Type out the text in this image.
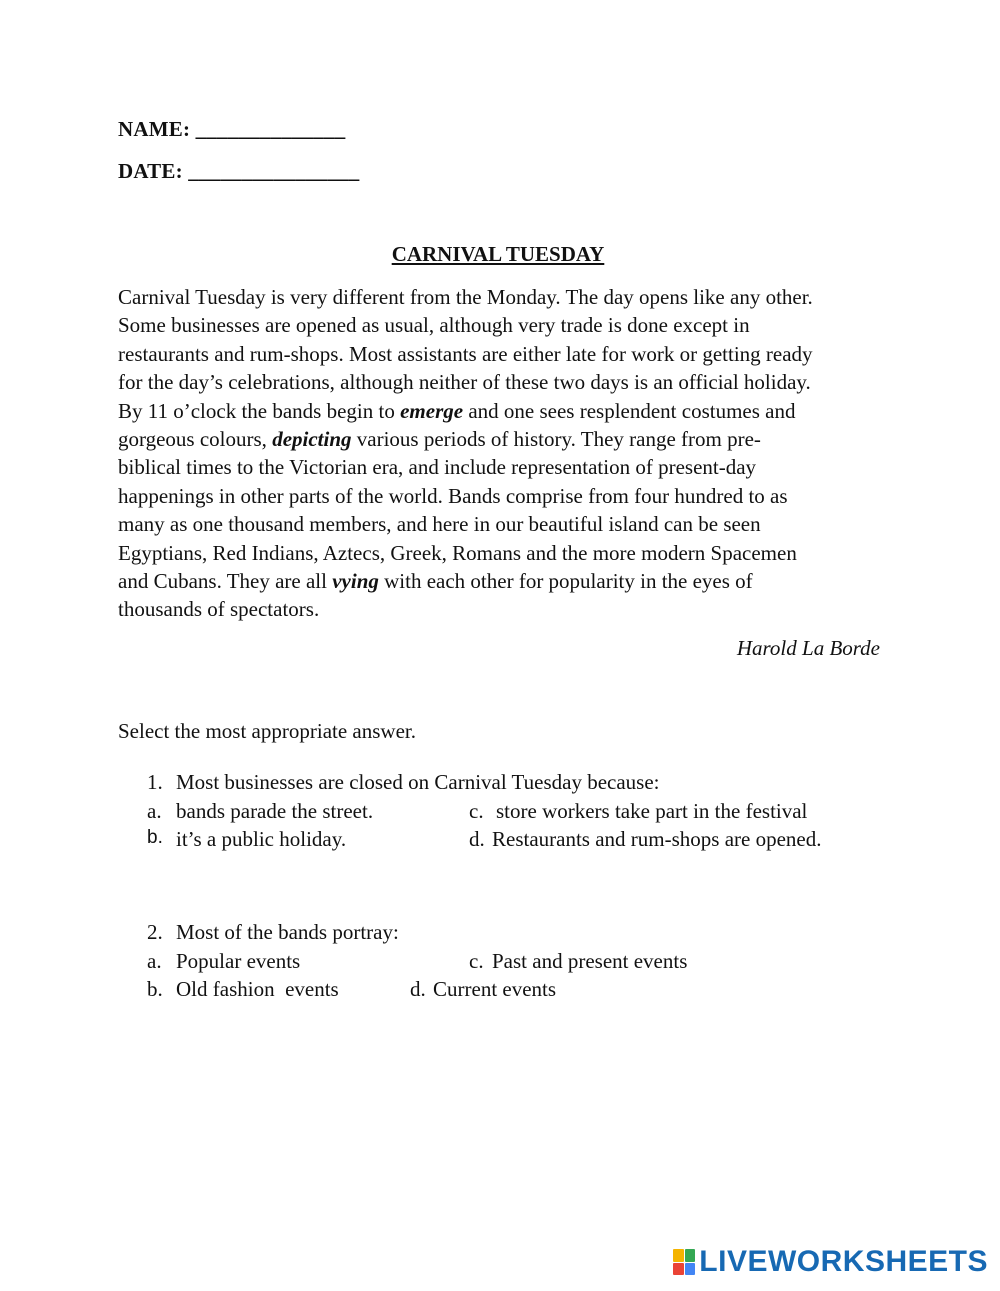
NAME: ______________
DATE: ________________
CARNIVAL TUESDAY
Carnival Tuesday is very different from the Monday. The day opens like any other.
Some businesses are opened as usual, although very trade is done except in
restaurants and rum-shops. Most assistants are either late for work or getting ready
for the day’s celebrations, although neither of these two days is an official holiday.
By 11 o’clock the bands begin to emerge and one sees resplendent costumes and
gorgeous colours, depicting various periods of history. They range from pre-
biblical times to the Victorian era, and include representation of present-day
happenings in other parts of the world. Bands comprise from four hundred to as
many as one thousand members, and here in our beautiful island can be seen
Egyptians, Red Indians, Aztecs, Greek, Romans and the more modern Spacemen
and Cubans. They are all vying with each other for popularity in the eyes of
thousands of spectators.
Harold La Borde
Select the most appropriate answer.
1. Most businesses are closed on Carnival Tuesday because:
a. bands parade the street.	c. store workers take part in the festival
b. it’s a public holiday.	d. Restaurants and rum-shops are opened.
2. Most of the bands portray:
a. Popular events	c. Past and present events
b. Old fashion  events	d. Current events
LIVEWORKSHEETS
